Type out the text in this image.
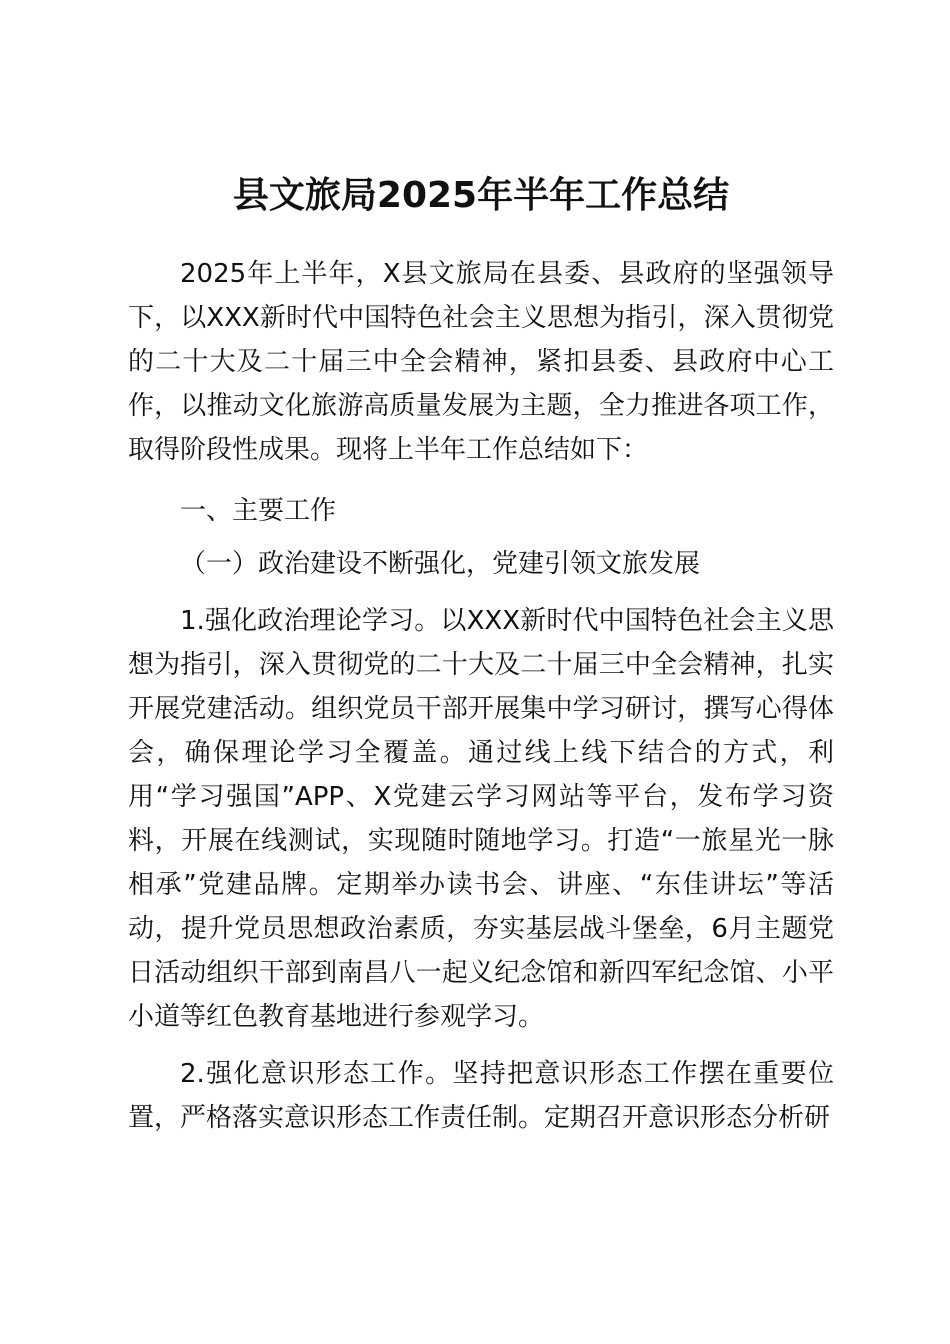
县文旅局2025年半年工作总结

2025年上半年，X县文旅局在县委、县政府的坚强领导下，以XXX新时代中国特色社会主义思想为指引，深入贯彻党的二十大及二十届三中全会精神，紧扣县委、县政府中心工作，以推动文化旅游高质量发展为主题，全力推进各项工作，取得阶段性成果。现将上半年工作总结如下：

一、主要工作

（一）政治建设不断强化，党建引领文旅发展

1.强化政治理论学习。以XXX新时代中国特色社会主义思想为指引，深入贯彻党的二十大及二十届三中全会精神，扎实开展党建活动。组织党员干部开展集中学习研讨，撰写心得体会，确保理论学习全覆盖。通过线上线下结合的方式，利用“学习强国”APP、X党建云学习网站等平台，发布学习资料，开展在线测试，实现随时随地学习。打造“一旅星光一脉相承”党建品牌。定期举办读书会、讲座、“东佳讲坛”等活动，提升党员思想政治素质，夯实基层战斗堡垒，6月主题党日活动组织干部到南昌八一起义纪念馆和新四军纪念馆、小平小道等红色教育基地进行参观学习。

2.强化意识形态工作。坚持把意识形态工作摆在重要位置，严格落实意识形态工作责任制。定期召开意识形态分析研
